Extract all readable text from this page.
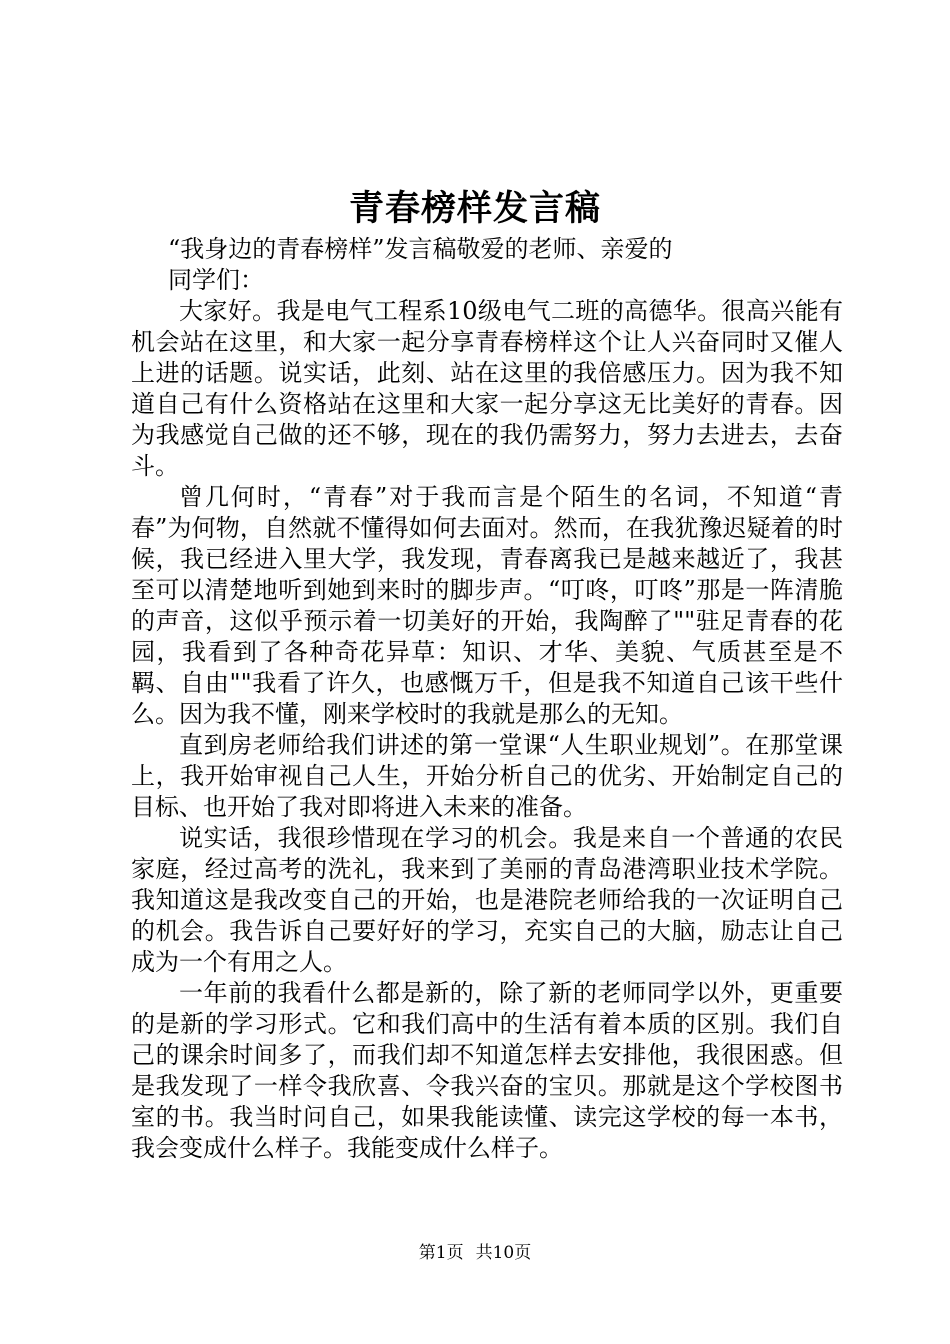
青春榜样发言稿

“我身边的青春榜样”发言稿敬爱的老师、亲爱的

同学们：

大家好。我是电气工程系10级电气二班的高德华。很高兴能有机会站在这里，和大家一起分享青春榜样这个让人兴奋同时又催人上进的话题。说实话，此刻、站在这里的我倍感压力。因为我不知道自己有什么资格站在这里和大家一起分享这无比美好的青春。因为我感觉自己做的还不够，现在的我仍需努力，努力去进去，去奋斗。

曾几何时，“青春”对于我而言是个陌生的名词，不知道“青春”为何物，自然就不懂得如何去面对。然而，在我犹豫迟疑着的时候，我已经进入里大学，我发现，青春离我已是越来越近了，我甚至可以清楚地听到她到来时的脚步声。“叮咚，叮咚”那是一阵清脆的声音，这似乎预示着一切美好的开始，我陶醉了""驻足青春的花园，我看到了各种奇花异草：知识、才华、美貌、气质甚至是不羁、自由""我看了许久，也感慨万千，但是我不知道自己该干些什么。因为我不懂，刚来学校时的我就是那么的无知。

直到房老师给我们讲述的第一堂课“人生职业规划”。在那堂课上，我开始审视自己人生，开始分析自己的优劣、开始制定自己的目标、也开始了我对即将进入未来的准备。

说实话，我很珍惜现在学习的机会。我是来自一个普通的农民家庭，经过高考的洗礼，我来到了美丽的青岛港湾职业技术学院。我知道这是我改变自己的开始，也是港院老师给我的一次证明自己的机会。我告诉自己要好好的学习，充实自己的大脑，励志让自己成为一个有用之人。

一年前的我看什么都是新的，除了新的老师同学以外，更重要的是新的学习形式。它和我们高中的生活有着本质的区别。我们自己的课余时间多了，而我们却不知道怎样去安排他，我很困惑。但是我发现了一样令我欣喜、令我兴奋的宝贝。那就是这个学校图书室的书。我当时问自己，如果我能读懂、读完这学校的每一本书，我会变成什么样子。我能变成什么样子。

第1页 共10页
